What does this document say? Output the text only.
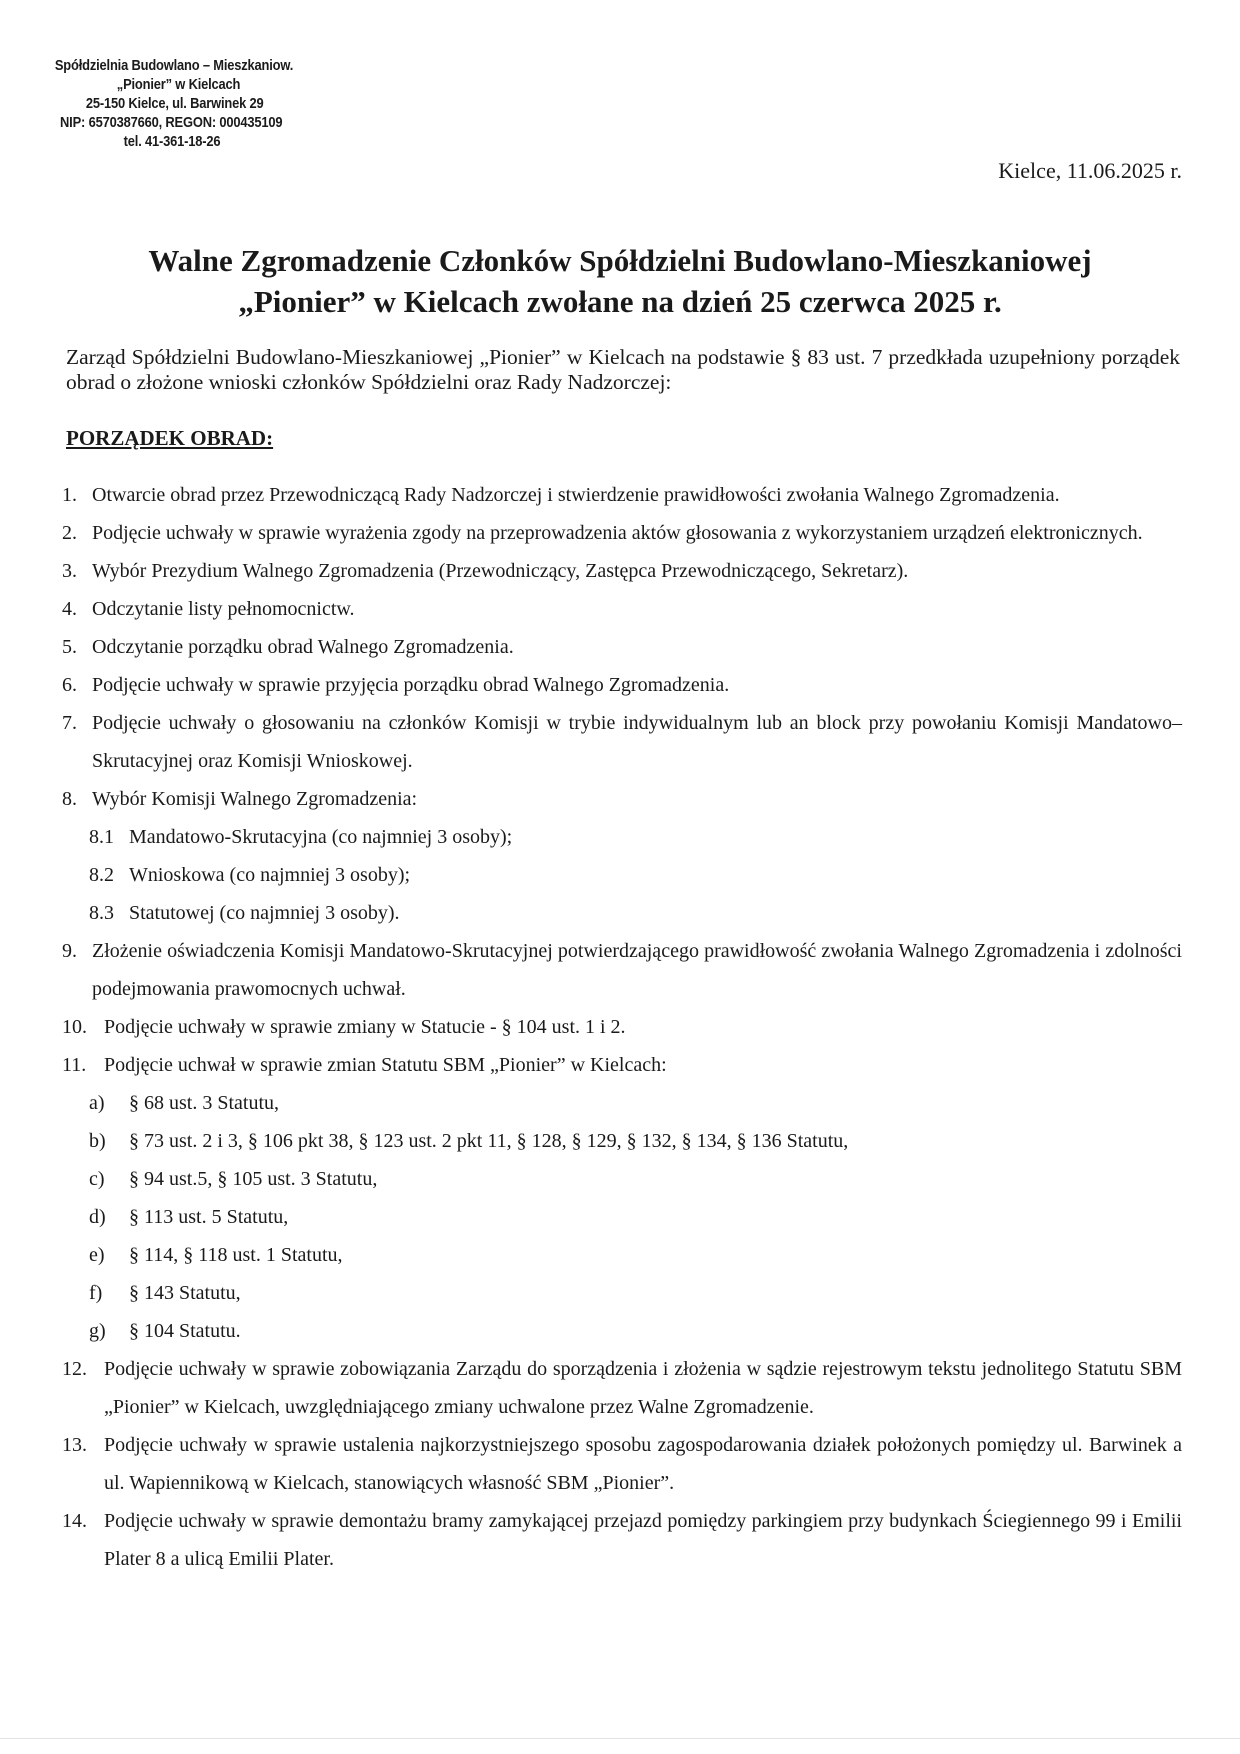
Spółdzielnia Budowlano – Mieszkaniow.
„Pionier” w Kielcach
25-150 Kielce, ul. Barwinek 29
NIP: 6570387660, REGON: 000435109
tel. 41-361-18-26
Kielce, 11.06.2025 r.
Walne Zgromadzenie Członków Spółdzielni Budowlano-Mieszkaniowej
„Pionier” w Kielcach zwołane na dzień 25 czerwca 2025 r.
Zarząd Spółdzielni Budowlano-Mieszkaniowej „Pionier” w Kielcach na podstawie § 83 ust. 7 przedkłada uzupełniony porządek obrad o złożone wnioski członków Spółdzielni oraz Rady Nadzorczej:
PORZĄDEK OBRAD:
1. Otwarcie obrad przez Przewodniczącą Rady Nadzorczej i stwierdzenie prawidłowości zwołania Walnego Zgromadzenia.
2. Podjęcie uchwały w sprawie wyrażenia zgody na przeprowadzenia aktów głosowania z wykorzystaniem urządzeń elektronicznych.
3. Wybór Prezydium Walnego Zgromadzenia (Przewodniczący, Zastępca Przewodniczącego, Sekretarz).
4. Odczytanie listy pełnomocnictw.
5. Odczytanie porządku obrad Walnego Zgromadzenia.
6. Podjęcie uchwały w sprawie przyjęcia porządku obrad Walnego Zgromadzenia.
7. Podjęcie uchwały o głosowaniu na członków Komisji w trybie indywidualnym lub an block przy powołaniu Komisji Mandatowo–Skrutacyjnej oraz Komisji Wnioskowej.
8. Wybór Komisji Walnego Zgromadzenia:
8.1 Mandatowo-Skrutacyjna (co najmniej 3 osoby);
8.2 Wnioskowa (co najmniej 3 osoby);
8.3 Statutowej (co najmniej 3 osoby).
9. Złożenie oświadczenia Komisji Mandatowo-Skrutacyjnej potwierdzającego prawidłowość zwołania Walnego Zgromadzenia i zdolności podejmowania prawomocnych uchwał.
10. Podjęcie uchwały w sprawie zmiany w Statucie - § 104 ust. 1 i 2.
11. Podjęcie uchwał w sprawie zmian Statutu SBM „Pionier” w Kielcach:
a)	§ 68 ust. 3 Statutu,
b)	§ 73 ust. 2 i 3, § 106 pkt 38, § 123 ust. 2 pkt 11, § 128, § 129, § 132, § 134, § 136 Statutu,
c)	§ 94 ust.5, § 105 ust. 3 Statutu,
d)	§ 113 ust. 5 Statutu,
e)	§ 114, § 118 ust. 1 Statutu,
f)	§ 143 Statutu,
g)	§ 104 Statutu.
12. Podjęcie uchwały w sprawie zobowiązania Zarządu do sporządzenia i złożenia w sądzie rejestrowym tekstu jednolitego Statutu SBM „Pionier” w Kielcach, uwzględniającego zmiany uchwalone przez Walne Zgromadzenie.
13. Podjęcie uchwały w sprawie ustalenia najkorzystniejszego sposobu zagospodarowania działek położonych pomiędzy ul. Barwinek a ul. Wapiennikową w Kielcach, stanowiących własność SBM „Pionier”.
14. Podjęcie uchwały w sprawie demontażu bramy zamykającej przejazd pomiędzy parkingiem przy budynkach Ściegiennego 99 i Emilii Plater 8 a ulicą Emilii Plater.
